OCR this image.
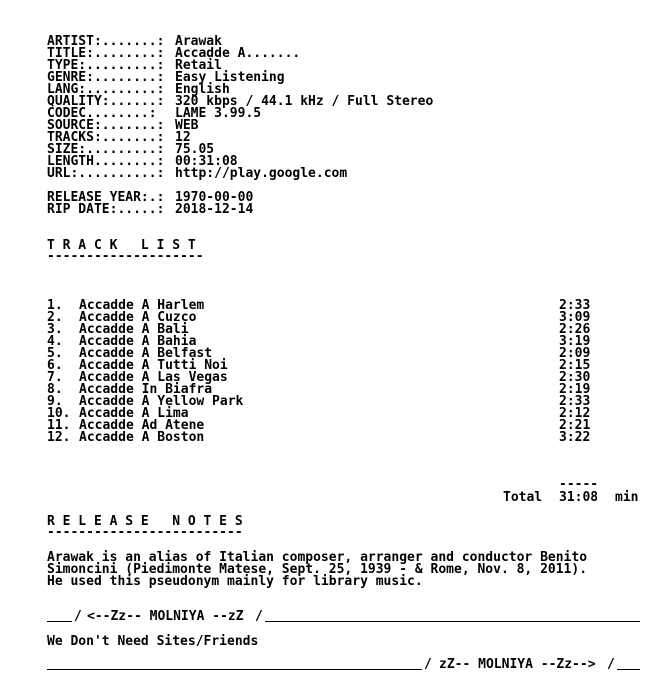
ARTIST:.......: Arawak
TITLE:........: Accadde A.......
TYPE:.........: Retail
GENRE:........: Easy Listening
LANG:.........: English
QUALITY:......: 320 kbps / 44.1 kHz / Full Stereo
CODEC........: LAME 3.99.5
SOURCE:.......: WEB
TRACKS:.......: 12
SIZE:.........: 75.05
LENGTH........: 00:31:08
URL:..........: http://play.google.com
RELEASE YEAR:.: 1970-00-00
RIP DATE:.....: 2018-12-14
T R A C K   L I S T
--------------------
1. Accadde A Harlem	2:33
2. Accadde A Cuzco	3:09
3. Accadde A Bali	2:26
4. Accadde A Bahia	3:19
5. Accadde A Belfast	2:09
6. Accadde A Tutti Noi	2:15
7. Accadde A Las Vegas	2:30
8. Accadde In Biafra	2:19
9. Accadde A Yellow Park	2:33
10. Accadde A Lima	2:12
11. Accadde Ad Atene	2:21
12. Accadde A Boston	3:22
-----
Total 31:08 min
R E L E A S E   N O T E S
-------------------------
Arawak is an alias of Italian composer, arranger and conductor Benito
Simoncini (Piedimonte Matese, Sept. 25, 1939 - & Rome, Nov. 8, 2011).
He used this pseudonym mainly for library music.
/ <--Zz-- MOLNIYA --zZ /
We Don't Need Sites/Friends
/ zZ-- MOLNIYA --Zz--> /
